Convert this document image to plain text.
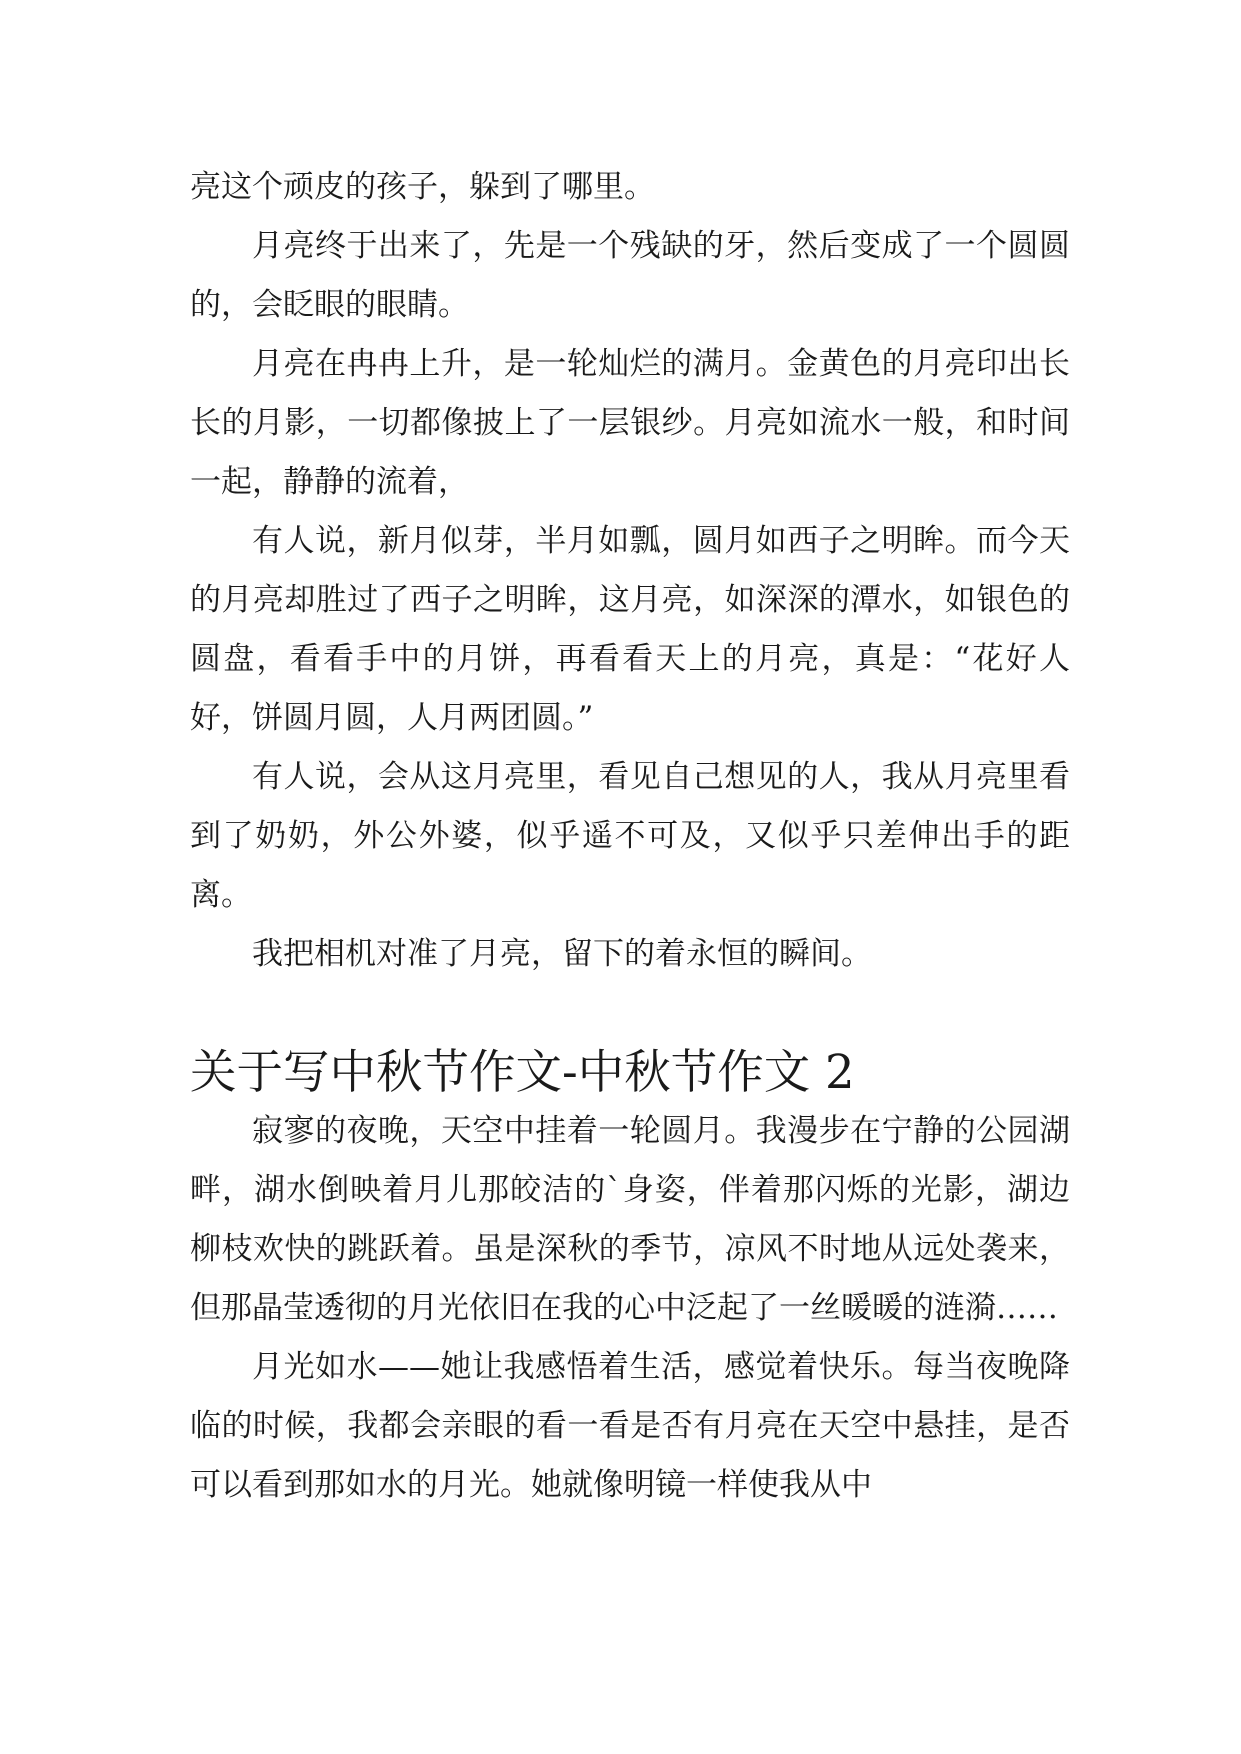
亮这个顽皮的孩子，躲到了哪里。

月亮终于出来了，先是一个残缺的牙，然后变成了一个圆圆的，会眨眼的眼睛。

月亮在冉冉上升，是一轮灿烂的满月。金黄色的月亮印出长长的月影，一切都像披上了一层银纱。月亮如流水一般，和时间一起，静静的流着，

有人说，新月似芽，半月如瓢，圆月如西子之明眸。而今天的月亮却胜过了西子之明眸，这月亮，如深深的潭水，如银色的圆盘，看看手中的月饼，再看看天上的月亮，真是：“花好人好，饼圆月圆，人月两团圆。”

有人说，会从这月亮里，看见自己想见的人，我从月亮里看到了奶奶，外公外婆，似乎遥不可及，又似乎只差伸出手的距离。

我把相机对准了月亮，留下的着永恒的瞬间。

关于写中秋节作文-中秋节作文 2

寂寥的夜晚，天空中挂着一轮圆月。我漫步在宁静的公园湖畔，湖水倒映着月儿那皎洁的`身姿，伴着那闪烁的光影，湖边柳枝欢快的跳跃着。虽是深秋的季节，凉风不时地从远处袭来，但那晶莹透彻的月光依旧在我的心中泛起了一丝暖暖的涟漪……

月光如水——她让我感悟着生活，感觉着快乐。每当夜晚降临的时候，我都会亲眼的看一看是否有月亮在天空中悬挂，是否可以看到那如水的月光。她就像明镜一样使我从中
